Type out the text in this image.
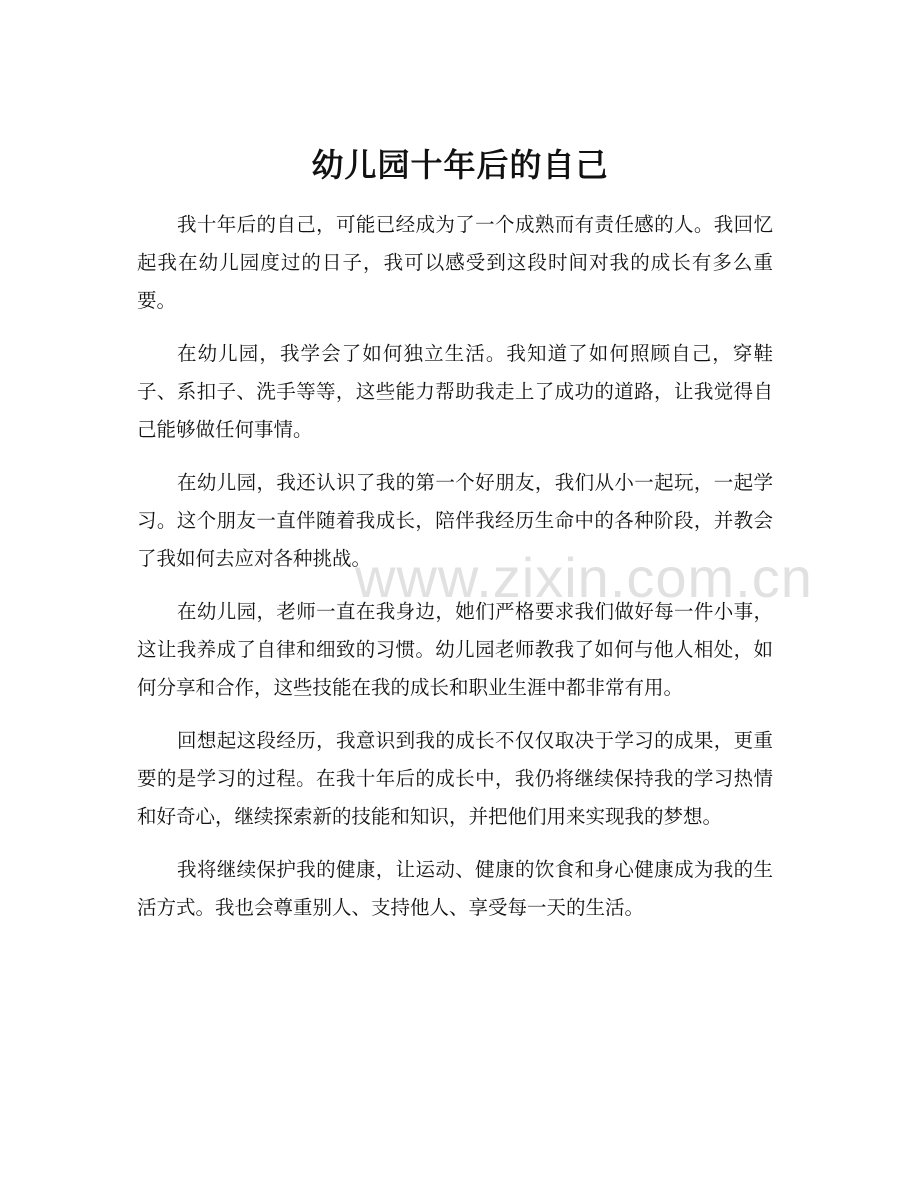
幼儿园十年后的自己

我十年后的自己，可能已经成为了一个成熟而有责任感的人。我回忆起我在幼儿园度过的日子，我可以感受到这段时间对我的成长有多么重要。

在幼儿园，我学会了如何独立生活。我知道了如何照顾自己，穿鞋子、系扣子、洗手等等，这些能力帮助我走上了成功的道路，让我觉得自己能够做任何事情。

在幼儿园，我还认识了我的第一个好朋友，我们从小一起玩，一起学习。这个朋友一直伴随着我成长，陪伴我经历生命中的各种阶段，并教会了我如何去应对各种挑战。

在幼儿园，老师一直在我身边，她们严格要求我们做好每一件小事，这让我养成了自律和细致的习惯。幼儿园老师教我了如何与他人相处，如何分享和合作，这些技能在我的成长和职业生涯中都非常有用。

回想起这段经历，我意识到我的成长不仅仅取决于学习的成果，更重要的是学习的过程。在我十年后的成长中，我仍将继续保持我的学习热情和好奇心，继续探索新的技能和知识，并把他们用来实现我的梦想。

我将继续保护我的健康，让运动、健康的饮食和身心健康成为我的生活方式。我也会尊重别人、支持他人、享受每一天的生活。

www.zixin.com.cn
